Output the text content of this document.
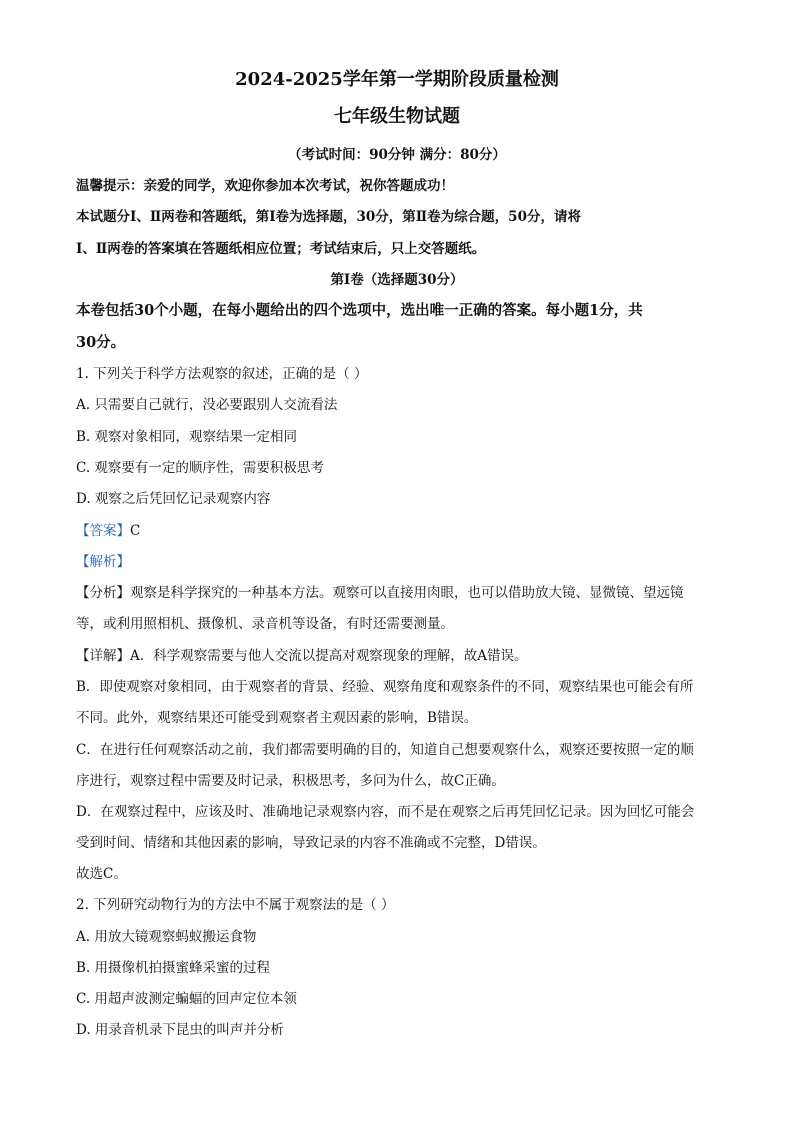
2024-2025学年第一学期阶段质量检测
七年级生物试题
（考试时间：90分钟 满分：80分）
温馨提示：亲爱的同学，欢迎你参加本次考试，祝你答题成功！
本试题分Ⅰ、Ⅱ两卷和答题纸，第Ⅰ卷为选择题，30分，第Ⅱ卷为综合题，50分，请将
Ⅰ、Ⅱ两卷的答案填在答题纸相应位置；考试结束后，只上交答题纸。
第Ⅰ卷（选择题30分）
本卷包括30个小题，在每小题给出的四个选项中，选出唯一正确的答案。每小题1分，共
30分。
1. 下列关于科学方法观察的叙述，正确的是（ ）
A. 只需要自己就行，没必要跟别人交流看法
B. 观察对象相同，观察结果一定相同
C. 观察要有一定的顺序性，需要积极思考
D. 观察之后凭回忆记录观察内容
【答案】C
【解析】
【分析】观察是科学探究的一种基本方法。观察可以直接用肉眼，也可以借助放大镜、显微镜、望远镜
等，或利用照相机、摄像机、录音机等设备，有时还需要测量。
【详解】A．科学观察需要与他人交流以提高对观察现象的理解，故A错误。
B．即使观察对象相同，由于观察者的背景、经验、观察角度和观察条件的不同，观察结果也可能会有所
不同。此外，观察结果还可能受到观察者主观因素的影响，B错误。
C．在进行任何观察活动之前，我们都需要明确的目的，知道自己想要观察什么，观察还要按照一定的顺
序进行，观察过程中需要及时记录，积极思考，多问为什么，故C正确。
D．在观察过程中，应该及时、准确地记录观察内容，而不是在观察之后再凭回忆记录。因为回忆可能会
受到时间、情绪和其他因素的影响，导致记录的内容不准确或不完整，D错误。
故选C。
2. 下列研究动物行为的方法中不属于观察法的是（ ）
A. 用放大镜观察蚂蚁搬运食物
B. 用摄像机拍摄蜜蜂采蜜的过程
C. 用超声波测定蝙蝠的回声定位本领
D. 用录音机录下昆虫的叫声并分析
